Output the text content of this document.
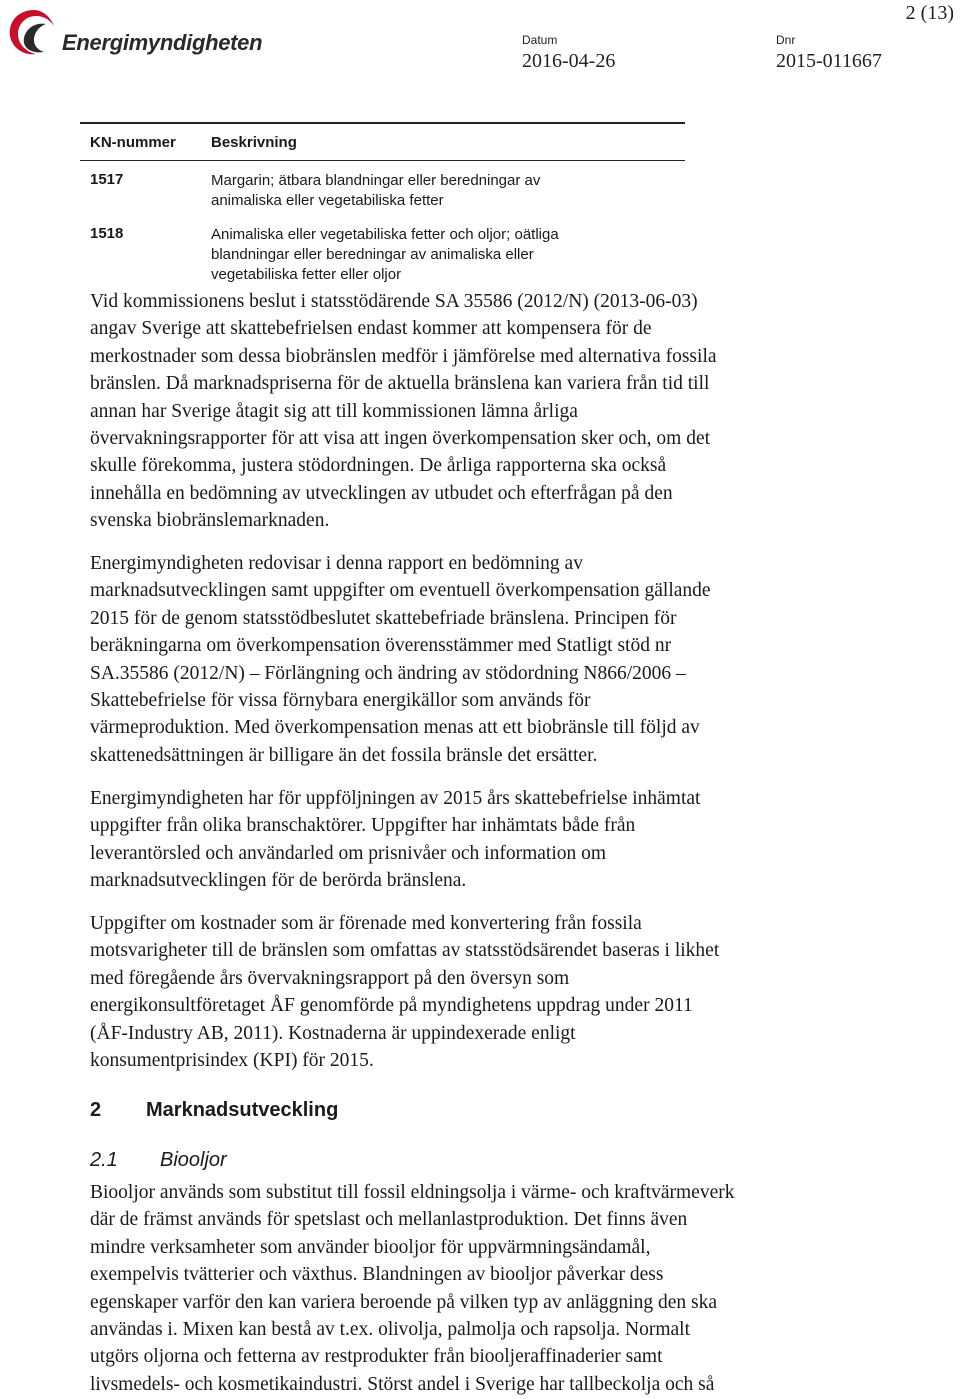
Energimyndigheten	Datum
2016-04-26
Dnr
2015-011667
2 (13)
KN-nummer Beskrivning
1517	Margarin; ätbara blandningar eller beredningar av
animaliska eller vegetabiliska fetter
1518	Animaliska eller vegetabiliska fetter och oljor; oätliga
blandningar eller beredningar av animaliska eller
vegetabiliska fetter eller oljor

Vid kommissionens beslut i statsstödärende SA 35586 (2012/N) (2013-06-03)

angav Sverige att skattebefrielsen endast kommer att kompensera för de

merkostnader som dessa biobränslen medför i jämförelse med alternativa fossila

bränslen. Då marknadspriserna för de aktuella bränslena kan variera från tid till

annan har Sverige åtagit sig att till kommissionen lämna årliga

övervakningsrapporter för att visa att ingen överkompensation sker och, om det

skulle förekomma, justera stödordningen. De årliga rapporterna ska också

innehålla en bedömning av utvecklingen av utbudet och efterfrågan på den

svenska biobränslemarknaden.

Energimyndigheten redovisar i denna rapport en bedömning av

marknadsutvecklingen samt uppgifter om eventuell överkompensation gällande

2015 för de genom statsstödbeslutet skattebefriade bränslena. Principen för

beräkningarna om överkompensation överensstämmer med Statligt stöd nr

SA.35586 (2012/N) – Förlängning och ändring av stödordning N866/2006 –

Skattebefrielse för vissa förnybara energikällor som används för

värmeproduktion. Med överkompensation menas att ett biobränsle till följd av

skattenedsättningen är billigare än det fossila bränsle det ersätter.

Energimyndigheten har för uppföljningen av 2015 års skattebefrielse inhämtat

uppgifter från olika branschaktörer. Uppgifter har inhämtats både från

leverantörsled och användarled om prisnivåer och information om

marknadsutvecklingen för de berörda bränslena.

Uppgifter om kostnader som är förenade med konvertering från fossila

motsvarigheter till de bränslen som omfattas av statsstödsärendet baseras i likhet

med föregående års övervakningsrapport på den översyn som

energikonsultföretaget ÅF genomförde på myndighetens uppdrag under 2011

(ÅF-Industry AB, 2011). Kostnaderna är uppindexerade enligt

konsumentprisindex (KPI) för 2015.

2 Marknadsutveckling
2.1 Biooljor

Biooljor används som substitut till fossil eldningsolja i värme- och kraftvärmeverk

där de främst används för spetslast och mellanlastproduktion. Det finns även

mindre verksamheter som använder biooljor för uppvärmningsändamål,

exempelvis tvätterier och växthus. Blandningen av biooljor påverkar dess

egenskaper varför den kan variera beroende på vilken typ av anläggning den ska

användas i. Mixen kan bestå av t.ex. olivolja, palmolja och rapsolja. Normalt

utgörs oljorna och fetterna av restprodukter från biooljeraffinaderier samt

livsmedels- och kosmetikaindustri. Störst andel i Sverige har tallbeckolja och så
